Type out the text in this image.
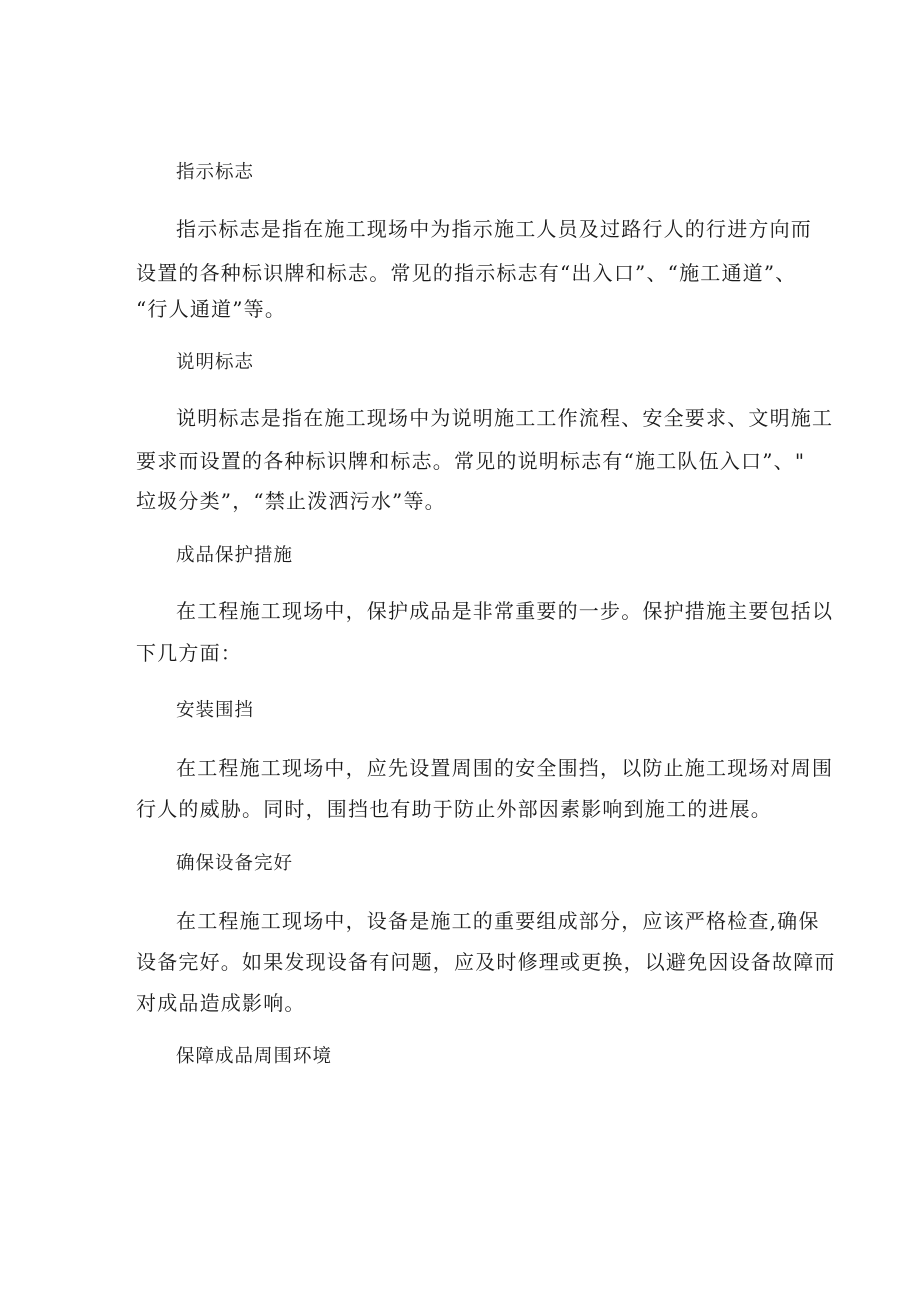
指示标志
指示标志是指在施工现场中为指示施工人员及过路行人的行进方向而
设置的各种标识牌和标志。常见的指示标志有“出入口”、“施工通道”、
“行人通道”等。
说明标志
说明标志是指在施工现场中为说明施工工作流程、安全要求、文明施工
要求而设置的各种标识牌和标志。常见的说明标志有“施工队伍入口”、"
垃圾分类”，“禁止泼洒污水”等。
成品保护措施
在工程施工现场中，保护成品是非常重要的一步。保护措施主要包括以
下几方面：
安装围挡
在工程施工现场中，应先设置周围的安全围挡，以防止施工现场对周围
行人的威胁。同时，围挡也有助于防止外部因素影响到施工的进展。
确保设备完好
在工程施工现场中，设备是施工的重要组成部分，应该严格检查,确保
设备完好。如果发现设备有问题，应及时修理或更换，以避免因设备故障而
对成品造成影响。
保障成品周围环境
